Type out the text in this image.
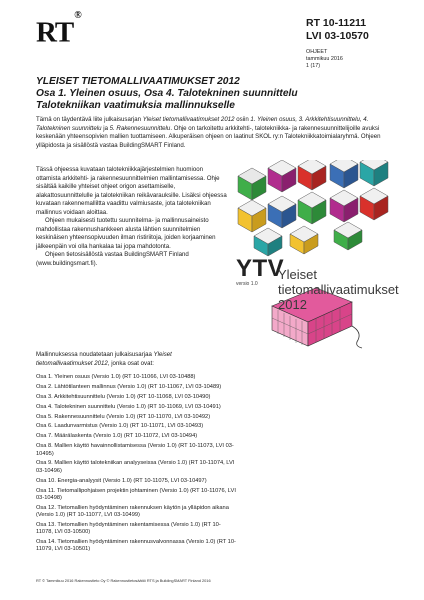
RT®
RT 10-11211
LVI 03-10570
OHJEET
tammikuu 2016
1 (17)
YLEISET TIETOMALLIVAATIMUKSET 2012
Osa 1. Yleinen osuus, Osa 4. Talotekninen suunnittelu
Talotekniikan vaatimuksia mallinnukselle
Tämä on täydentävä liite julkaisusarjan Yleiset tietomallivaatimukset 2012 osiin 1. Yleinen osuus, 3. Arkkitehtisuunnittelu, 4. Talotekninen suunnittelu ja 5. Rakennesuunnittelu. Ohje on tarkoitettu arkkitehti-, talotekniikka- ja rakennesuunnittelijoille avuksi keskenään yhteensopivien mallien tuottamiseen. Alkuperäisen ohjeen on laatinut SKOL ry:n Talotekniikkatoimialaryhmä. Ohjeen ylläpidosta ja sisällöstä vastaa BuildingSMART Finland.

Tässä ohjeessa kuvataan talotekniikkajärjestelmien huomioon ottamista arkkitehti- ja rakennesuunnittelmien mallintamisessa. Ohje sisältää kaikille yhteiset ohjeet origon asettamiselle, alakattosuunnittelulle ja talotekniikan reikävarauksille. Lisäksi ohjeessa kuvataan rakennemalliltta vaadittu valmiusaste, jota talotekniikan mallinnus voidaan aloittaa.

Ohjeen mukaisesti tuotettu suunnitelma- ja mallinnusaineisto mahdollistaa rakennushankkeen alusta lähtien suunnitelmien keskinäisen yhteensopivuuden ilman ristiriitoja, joiden korjaaminen jälkeenpäin voi olla hankalaa tai jopa mahdotonta.

Ohjeen tietosisällöstä vastaa BuildingSMART Finland (www.buildingsmart.fi).	YTV
Yleiset tietomallivaatimukset
2012
versio 1.0
Mallinnuksessa noudatetaan julkaisusarjaa Yleiset tietomallivaatimukset 2012, jonka osat ovat:
Osa 1. Yleinen osuus (Versio 1.0) (RT 10-11066, LVI 03-10488)
Osa 2. Lähtötilanteen mallinnus (Versio 1.0) (RT 10-11067, LVI 03-10489)
Osa 3. Arkkitehtisuunnittelu (Versio 1.0) (RT 10-11068, LVI 03-10490)
Osa 4. Talotekninen suunnittelu (Versio 1.0) (RT 10-11069, LVI 03-10491)
Osa 5. Rakennesuunnittelu (Versio 1.0) (RT 10-11070, LVI 03-10492)
Osa 6. Laadunvarmistus (Versio 1.0) (RT 10-11071, LVI 03-10493)
Osa 7. Määrälaskenta (Versio 1.0) (RT 10-11072, LVI 03-10494)
Osa 8. Mallien käyttö havainnollistamisessa (Versio 1.0) (RT 10-11073, LVI 03-10495)
Osa 9. Mallien käyttö talotekniikan analyyseissa (Versio 1.0) (RT 10-11074, LVI 03-10496)
Osa 10. Energia-analyysit (Versio 1.0) (RT 10-11075, LVI 03-10497)
Osa 11. Tietomallipohjaisen projektin johtaminen (Versio 1.0) (RT 10-11076, LVI 03-10498)
Osa 12. Tietomallien hyödyntäminen rakennuksen käytön ja ylläpidon aikana (Versio 1.0) (RT 10-11077, LVI 03-10499)
Osa 13. Tietomallien hyödyntäminen rakentamisessa (Versio 1.0) (RT 10-11078, LVI 03-10500)
Osa 14. Tietomallien hyödyntäminen rakennusvalvonnassa (Versio 1.0) (RT 10-11079, LVI 03-10501)
RT © Tammikuu 2016 Rakennustieto Oy © Rakennustietosäätiö RTS ja BuildingSMART Finland 2016
